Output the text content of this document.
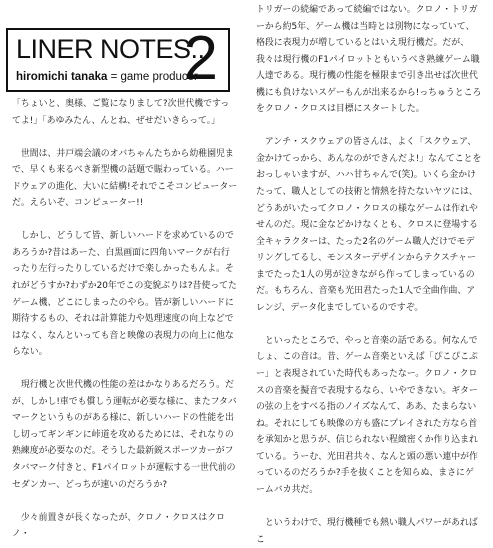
LINER NOTES..
hiromichi tanaka = game producer
2

「ちょいと、奥様、ご覧になりまして?次世代機ですってよ!」「あゆみたん、んとね、ぜせだいきらって。」

世間は、井戸端会議のオバちゃんたちから幼稚園児まで、早くも来るべき新型機の話題で賑わっている。ハードウェアの進化、大いに結構!それでこそコンピューターだ。えらいぞ、コンピューター!!

しかし、どうして皆、新しいハードを求めているのであろうか?昔はあーた、白黒画面に四角いマークが右行ったり左行ったりしているだけで楽しかったもんよ。それがどうすか?わずか20年でこの変貌ぶりは?昔使ってたゲーム機、どこにしまったのやら。皆が新しいハードに期待するもの、それは計算能力や処理速度の向上などではなく、なんといっても音と映像の表現力の向上に他ならない。

現行機と次世代機の性能の差はかなりあるだろう。だが、しかし!車でも償しう運転が必要な様に、またフタバマークというものがある様に、新しいハードの性能を出し切ってギンギンに峠道を攻めるためには、それなりの熟練度が必要なのだ。そうした最新鋭スポーツカーがフタバマーク付きと、F1パイロットが運転する一世代前のセダンカー、どっちが速いのだろうか?

少々前置きが長くなったが、クロノ・クロスはクロノ・

トリガーの続編であって続編ではない。クロノ・トリガーから約5年、ゲーム機は当時とは別物になっていて、格段に表現力が増しているとはいえ現行機だ。だが、我々は現行機のF1パイロットともいうべき熟練ゲーム職人達である。現行機の性能を極限まで引き出せば次世代機にも負けないスゲーもんが出来るから!っちゅうところをクロノ・クロスは目標にスタートした。

アンチ・スクウェアの皆さんは、よく「スクウェア、金かけてっから、あんなのができんだよ!」なんてことをおっしゃいますが、ハハ甘ちゃんで(笑)。いくら金かけたって、職人としての技術と情熱を持たないヤツには、どうあがいたってクロノ・クロスの様なゲームは作れやせんのだ。現に金などかけなくとも、クロスに登場する全キャラクターは、たった2名のゲーム職人だけでモデリングしてるし、モンスターデザインからテクスチャーまでたった1人の男が泣きながら作ってしまっているのだ。もちろん、音楽も光田君たった1人で全曲作曲、アレンジ、データ化までしているのですぞ。

といったところで、やっと音楽の話である。何なんでしょ、この音は。昔、ゲーム音楽といえば「ぴこぴこぷー」と表現されていた時代もあったなー。クロノ・クロスの音楽を擬音で表現するなら、いやできない。ギターの弦の上をすべる指のノイズなんて、ああ、たまらないね。それにしても映像の方も盛にプレイされた方なら首を承知かと思うが、信じられない程緻密くか作り込まれている。うーむ、光田君共々、なんと頭の悪い連中が作っているのだろうか?手を抜くことを知らぬ、まさにゲームバカ共だ。

というわけで、現行機種でも熱い職人パワーがあればこ
